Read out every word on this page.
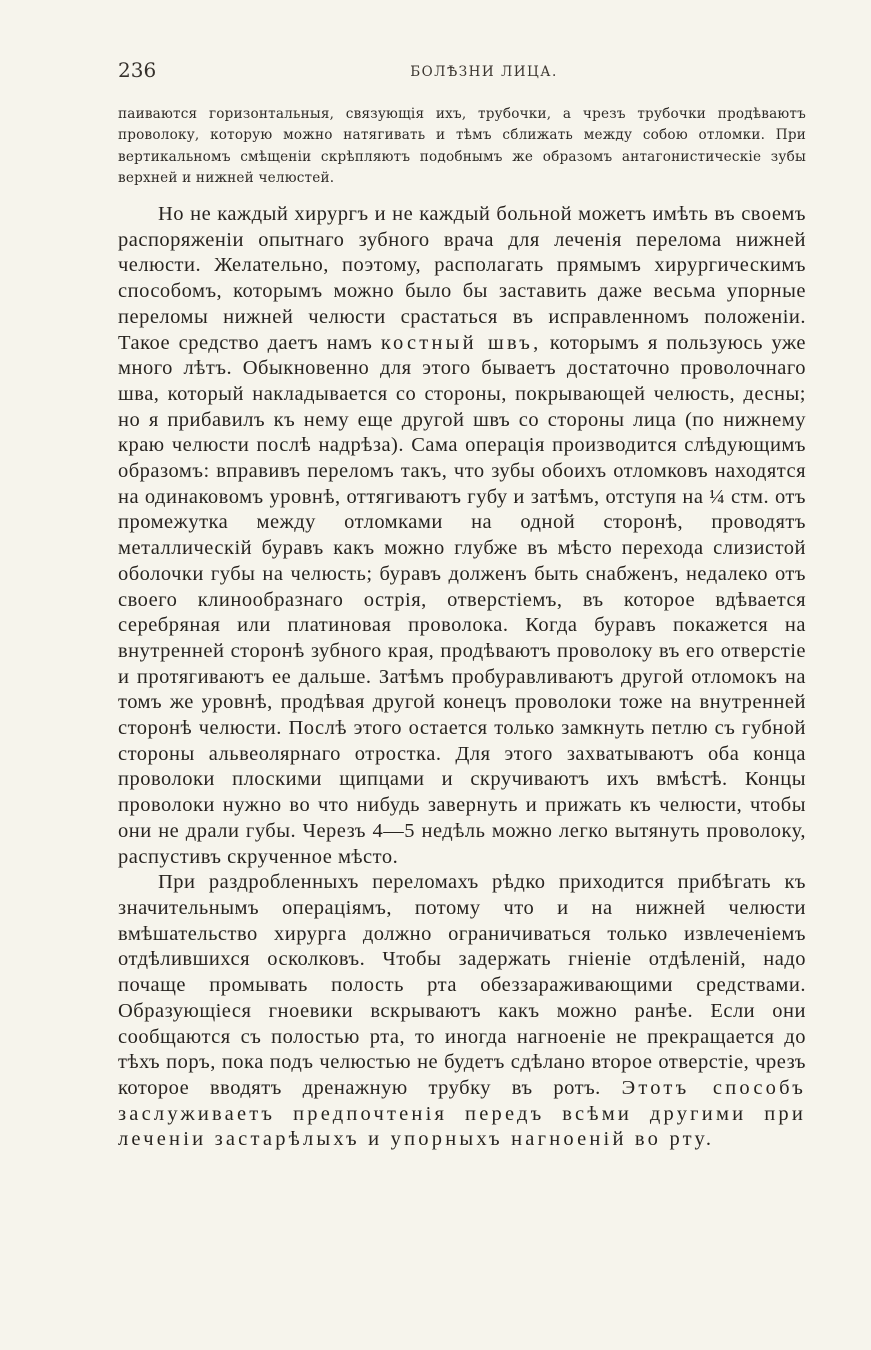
236	БОЛѢЗНИ ЛИЦА.

паиваются горизонтальныя, связующія ихъ, трубочки, а чрезъ трубочки продѣваютъ проволоку, которую можно натягивать и тѣмъ сближать между собою отломки. При вертикальномъ смѣщеніи скрѣпляютъ подобнымъ же образомъ антагонистическіе зубы верхней и нижней челюстей.

Но не каждый хирургъ и не каждый больной можетъ имѣть въ своемъ распоряженіи опытнаго зубного врача для леченія перелома нижней челюсти. Желательно, поэтому, располагать прямымъ хирургическимъ способомъ, которымъ можно было бы заставить даже весьма упорные переломы нижней челюсти срастаться въ исправленномъ положеніи. Такое средство даетъ намъ костный швъ, которымъ я пользуюсь уже много лѣтъ. Обыкновенно для этого бываетъ достаточно проволочнаго шва, который накладывается со стороны, покрывающей челюсть, десны; но я прибавилъ къ нему еще другой швъ со стороны лица (по нижнему краю челюсти послѣ надрѣза). Сама операція производится слѣдующимъ образомъ: вправивъ переломъ такъ, что зубы обоихъ отломковъ находятся на одинаковомъ уровнѣ, оттягиваютъ губу и затѣмъ, отступя на ¼ стм. отъ промежутка между отломками на одной сторонѣ, проводятъ металлическій буравъ какъ можно глубже въ мѣсто перехода слизистой оболочки губы на челюсть; буравъ долженъ быть снабженъ, недалеко отъ своего клинообразнаго острія, отверстіемъ, въ которое вдѣвается серебряная или платиновая проволока. Когда буравъ покажется на внутренней сторонѣ зубного края, продѣваютъ проволоку въ его отверстіе и протягиваютъ ее дальше. Затѣмъ пробуравливаютъ другой отломокъ на томъ же уровнѣ, продѣвая другой конецъ проволоки тоже на внутренней сторонѣ челюсти. Послѣ этого остается только замкнуть петлю съ губной стороны альвеолярнаго отростка. Для этого захватываютъ оба конца проволоки плоскими щипцами и скручиваютъ ихъ вмѣстѣ. Концы проволоки нужно во что нибудь завернуть и прижать къ челюсти, чтобы они не драли губы. Черезъ 4—5 недѣль можно легко вытянуть проволоку, распустивъ скрученное мѣсто.

При раздробленныхъ переломахъ рѣдко приходится прибѣгать къ значительнымъ операціямъ, потому что и на нижней челюсти вмѣшательство хирурга должно ограничиваться только извлеченіемъ отдѣлившихся осколковъ. Чтобы задержать гніеніе отдѣленій, надо почаще промывать полость рта обеззараживающими средствами. Образующіеся гноевики вскрываютъ какъ можно ранѣе. Если они сообщаются съ полостью рта, то иногда нагноеніе не прекращается до тѣхъ поръ, пока подъ челюстью не будетъ сдѣлано второе отверстіе, чрезъ которое вводятъ дренажную трубку въ ротъ. Этотъ способъ заслуживаетъ предпочтенія передъ всѣми другими при леченіи застарѣлыхъ и упорныхъ нагноеній во рту.
